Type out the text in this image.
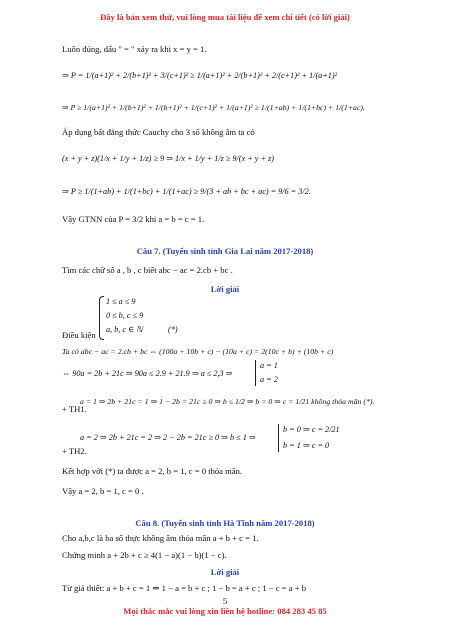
Đây là bản xem thử, vui lòng mua tài liệu để xem chi tiết (có lời giải)
Luôn đúng, dấu " = " xảy ra khi x = y = 1.
⇒ P = 1/(a+1)² + 2/(b+1)² + 3/(c+1)² ≥ 1/(a+1)² + 2/(b+1)² + 2/(c+1)² + 1/(a+1)²
⇒ P ≥ 1/(a+1)² + 1/(b+1)² + 1/(b+1)² + 1/(c+1)² + 1/(a+1)² ≥ 1/(1+ab) + 1/(1+bc) + 1/(1+ac).
Áp dụng bất đẳng thức Cauchy cho 3 số không âm ta có
(x + y + z)(1/x + 1/y + 1/z) ≥ 9 ⇒ 1/x + 1/y + 1/z ≥ 9/(x + y + z)
⇒ P ≥ 1/(1+ab) + 1/(1+bc) + 1/(1+ac) ≥ 9/(3 + ab + bc + ac) = 9/6 = 3/2.
Vậy GTNN của P = 3/2 khi a = b = c = 1.
Câu 7. (Tuyển sinh tỉnh Gia Lai năm 2017-2018)
Tìm các chữ số a , b , c biết abc − ac = 2.cb + bc .
Lời giải
1 ≤ a ≤ 9
0 ≤ b, c ≤ 9
a, b, c ∈ ℕ	(*)
Điều kiện
Ta có abc − ac = 2.cb + bc ⇔ (100a + 10b + c) − (10a + c) = 2(10c + b) + (10b + c)
⇔ 90a = 2b + 21c ⇒ 90a ≤ 2.9 + 21.9 ⇒ a ≤ 2,3 ⇒
a = 1
a = 2
a = 1 ⇒ 2b + 21c = 1 ⇒ 1 − 2b = 21c ≥ 0 ⇒ b ≤ 1/2 ⇒ b = 0 ⇒ c = 1/21 không thỏa mãn (*).
+ TH1.
a = 2 ⇒ 2b + 21c = 2 ⇒ 2 − 2b = 21c ≥ 0 ⇒ b ≤ 1 ⇒
b = 0 ⇒ c = 2/21
b = 1 ⇒ c = 0
+ TH2.
Kết hợp với (*) ta được a = 2, b = 1, c = 0 thỏa mãn.
Vậy a = 2, b = 1, c = 0 .
Câu 8. (Tuyển sinh tỉnh Hà Tĩnh năm 2017-2018)
Cho a,b,c là ba số thực không âm thỏa mãn a + b + c = 1.
Chứng minh a + 2b + c ≥ 4(1 − a)(1 − b)(1 − c).
Lời giải
Từ giả thiết: a + b + c = 1 ⇒ 1 − a = b + c ; 1 − b = a + c ; 1 − c = a + b
5
Mọi thắc mắc vui lòng xin liên hệ hotline: 084 283 45 85
